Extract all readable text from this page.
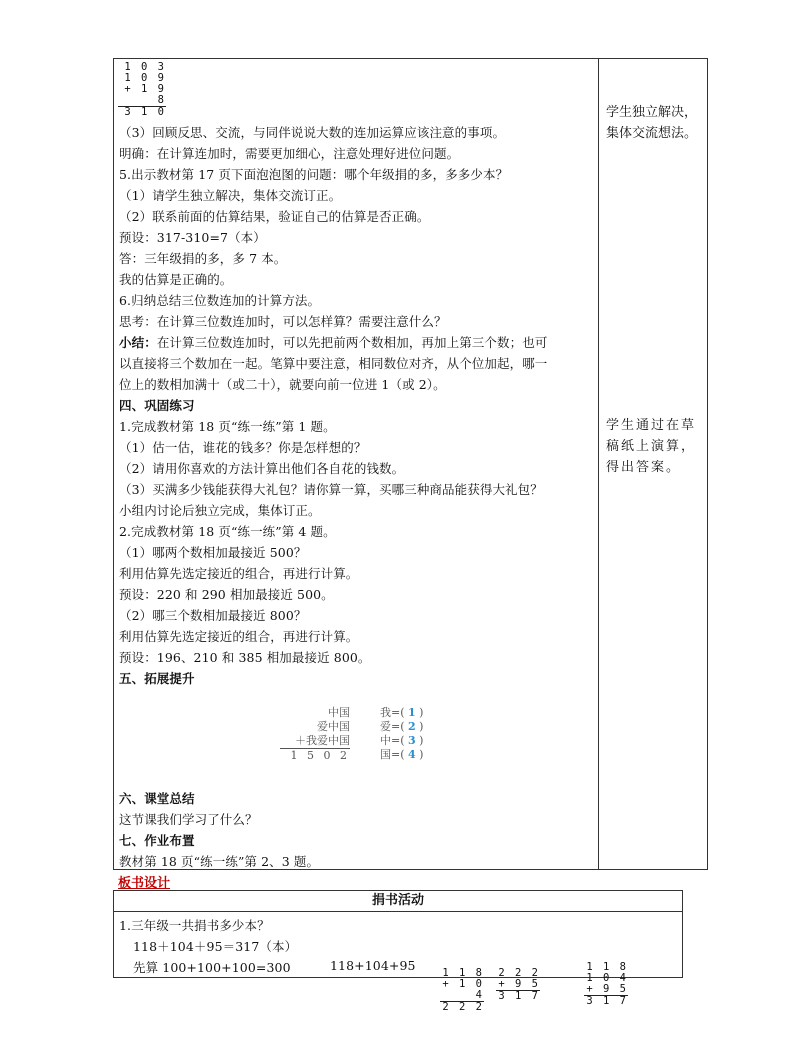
1 0 3
1 0 9
+ 1 9 8
3 1 0
（3）回顾反思、交流，与同伴说说大数的连加运算应该注意的事项。
明确：在计算连加时，需要更加细心，注意处理好进位问题。
5.出示教材第 17 页下面泡泡图的问题：哪个年级捐的多，多多少本？
（1）请学生独立解决，集体交流订正。
（2）联系前面的估算结果，验证自己的估算是否正确。
预设：317-310=7（本）
答：三年级捐的多，多 7 本。
我的估算是正确的。
6.归纳总结三位数连加的计算方法。
思考：在计算三位数连加时，可以怎样算？需要注意什么？
小结：在计算三位数连加时，可以先把前两个数相加，再加上第三个数；也可
以直接将三个数加在一起。笔算中要注意，相同数位对齐，从个位加起，哪一
位上的数相加满十（或二十），就要向前一位进 1（或 2）。
四、巩固练习
1.完成教材第 18 页“练一练”第 1 题。
（1）估一估，谁花的钱多？你是怎样想的？
（2）请用你喜欢的方法计算出他们各自花的钱数。
（3）买满多少钱能获得大礼包？请你算一算，买哪三种商品能获得大礼包？
小组内讨论后独立完成，集体订正。
2.完成教材第 18 页“练一练”第 4 题。
（1）哪两个数相加最接近 500？
利用估算先选定接近的组合，再进行计算。
预设：220 和 290 相加最接近 500。
（2）哪三个数相加最接近 800？
利用估算先选定接近的组合，再进行计算。
预设：196、210 和 385 相加最接近 800。
五、拓展提升
中国
爱中国
＋我爱中国
1 5 0 2
我=( 1 )
爱=( 2 )
中=( 3 )
国=( 4 )
六、课堂总结
这节课我们学习了什么？
七、作业布置
教材第 18 页“练一练”第 2、3 题。
学生独立解决，集体交流想法。
学生通过在草稿纸上演算，得出答案。
板书设计
捐书活动
1.三年级一共捐书多少本？
118＋104＋95＝317（本）
先算 100+100+100=300	118+104+95	1 1 8
+ 1 0 4
2 2 2
2 2 2
+ 9 5
3 1 7
1 1 8
1 0 4
+ 9 5
3 1 7
